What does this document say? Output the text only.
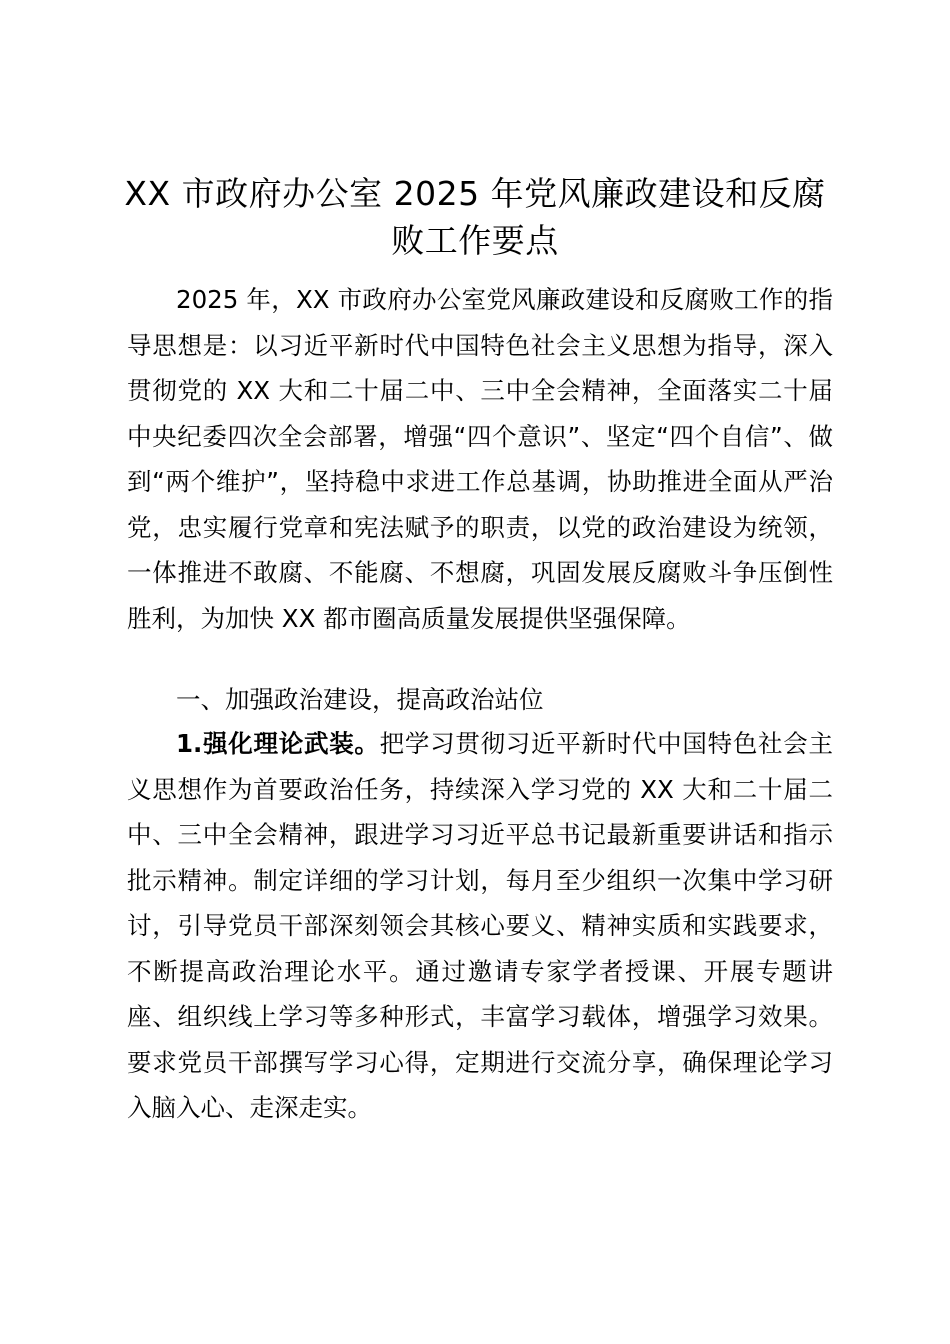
XX 市政府办公室 2025 年党风廉政建设和反腐败工作要点

2025 年，XX 市政府办公室党风廉政建设和反腐败工作的指导思想是：以习近平新时代中国特色社会主义思想为指导，深入贯彻党的 XX 大和二十届二中、三中全会精神，全面落实二十届中央纪委四次全会部署，增强“四个意识”、坚定“四个自信”、做到“两个维护”，坚持稳中求进工作总基调，协助推进全面从严治党，忠实履行党章和宪法赋予的职责，以党的政治建设为统领，一体推进不敢腐、不能腐、不想腐，巩固发展反腐败斗争压倒性胜利，为加快 XX 都市圈高质量发展提供坚强保障。

一、加强政治建设，提高政治站位

1.强化理论武装。把学习贯彻习近平新时代中国特色社会主义思想作为首要政治任务，持续深入学习党的 XX 大和二十届二中、三中全会精神，跟进学习习近平总书记最新重要讲话和指示批示精神。制定详细的学习计划，每月至少组织一次集中学习研讨，引导党员干部深刻领会其核心要义、精神实质和实践要求，不断提高政治理论水平。通过邀请专家学者授课、开展专题讲座、组织线上学习等多种形式，丰富学习载体，增强学习效果。要求党员干部撰写学习心得，定期进行交流分享，确保理论学习入脑入心、走深走实。
